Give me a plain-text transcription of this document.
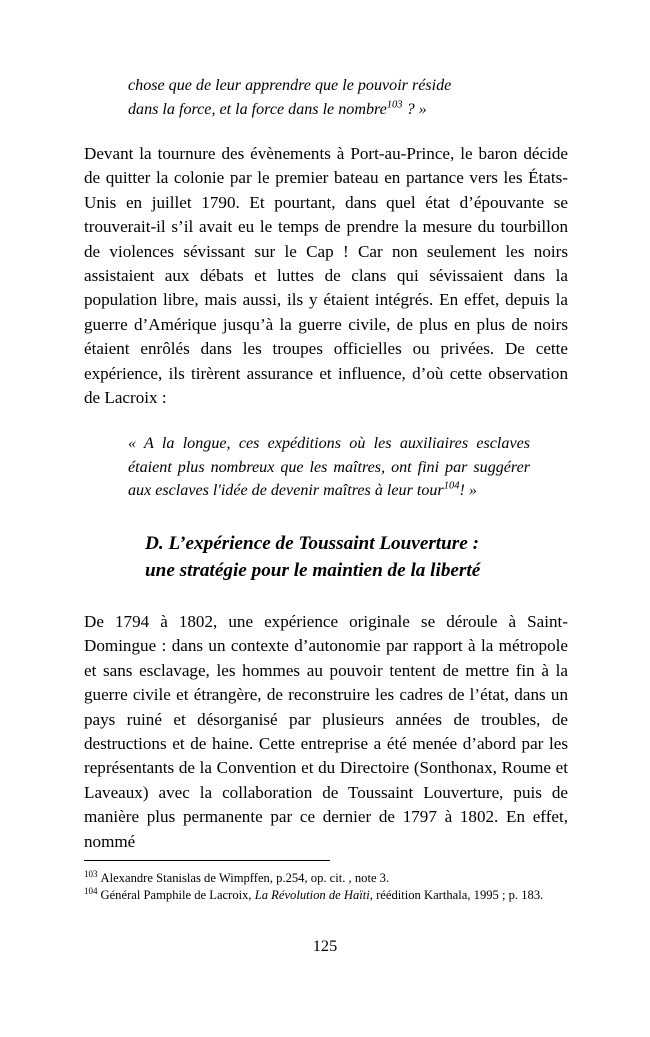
chose que de leur apprendre que le pouvoir réside
dans la force, et la force dans le nombre$^{103}$ ? »

Devant la tournure des évènements à Port-au-Prince, le baron décide de quitter la colonie par le premier bateau en partance vers les États-Unis en juillet 1790. Et pourtant, dans quel état d’épouvante se trouverait-il s’il avait eu le temps de prendre la mesure du tourbillon de violences sévissant sur le Cap ! Car non seulement les noirs assistaient aux débats et luttes de clans qui sévissaient dans la population libre, mais aussi, ils y étaient intégrés. En effet, depuis la guerre d’Amérique jusqu’à la guerre civile, de plus en plus de noirs étaient enrôlés dans les troupes officielles ou privées. De cette expérience, ils tirèrent assurance et influence, d’où cette observation de Lacroix :

« A la longue, ces expéditions où les auxiliaires esclaves étaient plus nombreux que les maîtres, ont fini par suggérer aux esclaves l'idée de devenir maîtres à leur tour$^{104}$! »
D. L’expérience de Toussaint Louverture : une stratégie pour le maintien de la liberté

De 1794 à 1802, une expérience originale se déroule à Saint-Domingue : dans un contexte d’autonomie par rapport à la métropole et sans esclavage, les hommes au pouvoir tentent de mettre fin à la guerre civile et étrangère, de reconstruire les cadres de l’état, dans un pays ruiné et désorganisé par plusieurs années de troubles, de destructions et de haine. Cette entreprise a été menée d’abord par les représentants de la Convention et du Directoire (Sonthonax, Roume et Laveaux) avec la collaboration de Toussaint Louverture, puis de manière plus permanente par ce dernier de 1797 à 1802. En effet, nommé

$^{103}$ Alexandre Stanislas de Wimpffen, p.254, op. cit. , note 3.

$^{104}$ Général Pamphile de Lacroix, La Révolution de Haïti, réédition Karthala, 1995 ; p. 183.

125
